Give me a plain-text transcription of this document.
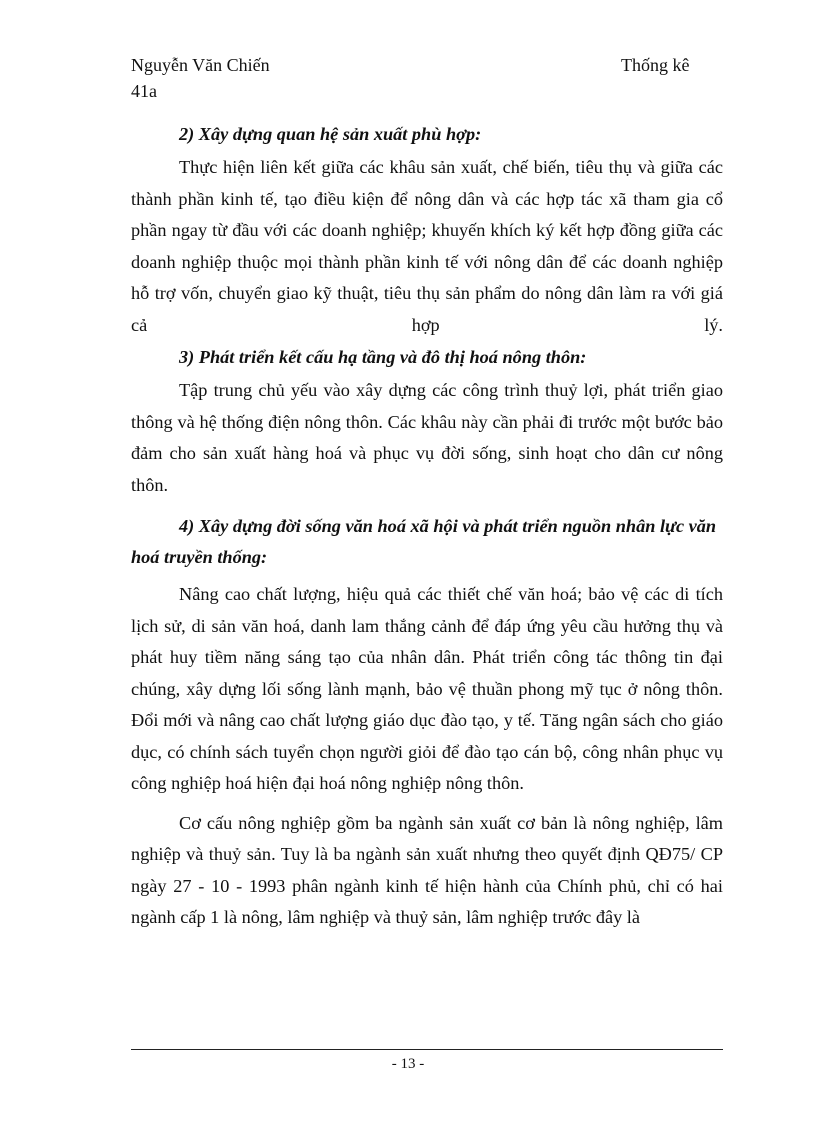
Nguyễn Văn Chiến
41a
Thống kê

2) Xây dựng quan hệ sản xuất phù hợp:

Thực hiện liên kết giữa các khâu sản xuất, chế biến, tiêu thụ và giữa các thành phần kinh tế, tạo điều kiện để nông dân và các hợp tác xã tham gia cổ phần ngay từ đầu với các doanh nghiệp; khuyến khích ký kết hợp đồng giữa các doanh nghiệp thuộc mọi thành phần kinh tế với nông dân để các doanh nghiệp hỗ trợ vốn, chuyển giao kỹ thuật, tiêu thụ sản phẩm do nông dân làm ra với giá cả hợp lý.

3) Phát triển kết cấu hạ tầng và đô thị hoá nông thôn:

Tập trung chủ yếu vào xây dựng các công trình thuỷ lợi, phát triển giao thông và hệ thống điện nông thôn. Các khâu này cần phải đi trước một bước bảo đảm cho sản xuất hàng hoá và phục vụ đời sống, sinh hoạt cho dân cư nông thôn.

4) Xây dựng đời sống văn hoá xã hội và phát triển nguồn nhân lực văn hoá truyền thống:

Nâng cao chất lượng, hiệu quả các thiết chế văn hoá; bảo vệ các di tích lịch sử, di sản văn hoá, danh lam thắng cảnh để đáp ứng yêu cầu hưởng thụ và phát huy tiềm năng sáng tạo của nhân dân. Phát triển công tác thông tin đại chúng, xây dựng lối sống lành mạnh, bảo vệ thuần phong mỹ tục ở nông thôn. Đổi mới và nâng cao chất lượng giáo dục đào tạo, y tế. Tăng ngân sách cho giáo dục, có chính sách tuyển chọn người giỏi để đào tạo cán bộ, công nhân phục vụ công nghiệp hoá hiện đại hoá nông nghiệp nông thôn.

Cơ cấu nông nghiệp gồm ba ngành sản xuất cơ bản là nông nghiệp, lâm nghiệp và thuỷ sản. Tuy là ba ngành sản xuất nhưng theo quyết định QĐ75/ CP ngày 27 - 10 - 1993 phân ngành kinh tế hiện hành của Chính phủ, chỉ có hai ngành cấp 1 là nông, lâm nghiệp và thuỷ sản, lâm nghiệp trước đây là

- 13 -
